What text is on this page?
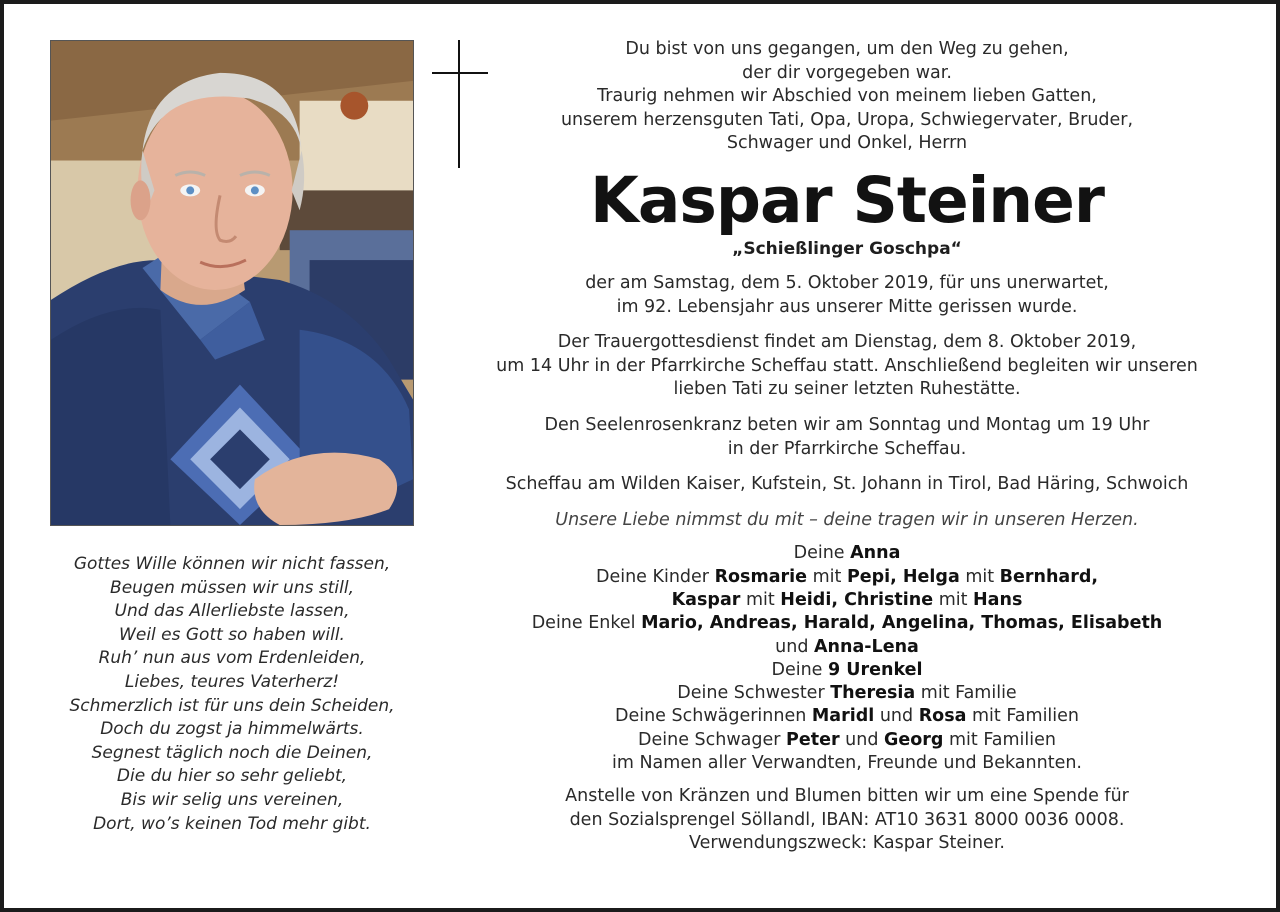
Gottes Wille können wir nicht fassen,
Beugen müssen wir uns still,
Und das Allerliebste lassen,
Weil es Gott so haben will.
Ruh’ nun aus vom Erdenleiden,
Liebes, teures Vaterherz!
Schmerzlich ist für uns dein Scheiden,
Doch du zogst ja himmelwärts.
Segnest täglich noch die Deinen,
Die du hier so sehr geliebt,
Bis wir selig uns vereinen,
Dort, wo’s keinen Tod mehr gibt.
Du bist von uns gegangen, um den Weg zu gehen,
der dir vorgegeben war.
Traurig nehmen wir Abschied von meinem lieben Gatten,
unserem herzensguten Tati, Opa, Uropa, Schwiegervater, Bruder,
Schwager und Onkel, Herrn
Kaspar Steiner
„Schießlinger Goschpa“
der am Samstag, dem 5. Oktober 2019, für uns unerwartet,
im 92. Lebensjahr aus unserer Mitte gerissen wurde.
Der Trauergottesdienst findet am Dienstag, dem 8. Oktober 2019,
um 14 Uhr in der Pfarrkirche Scheffau statt. Anschließend begleiten wir unseren
lieben Tati zu seiner letzten Ruhestätte.
Den Seelenrosenkranz beten wir am Sonntag und Montag um 19 Uhr
in der Pfarrkirche Scheffau.
Scheffau am Wilden Kaiser, Kufstein, St. Johann in Tirol, Bad Häring, Schwoich
Unsere Liebe nimmst du mit – deine tragen wir in unseren Herzen.
Deine Anna
Deine Kinder Rosmarie mit Pepi, Helga mit Bernhard,
Kaspar mit Heidi, Christine mit Hans
Deine Enkel Mario, Andreas, Harald, Angelina, Thomas, Elisabeth
und Anna-Lena
Deine 9 Urenkel
Deine Schwester Theresia mit Familie
Deine Schwägerinnen Maridl und Rosa mit Familien
Deine Schwager Peter und Georg mit Familien
im Namen aller Verwandten, Freunde und Bekannten.
Anstelle von Kränzen und Blumen bitten wir um eine Spende für
den Sozialsprengel Söllandl, IBAN: AT10 3631 8000 0036 0008.
Verwendungszweck: Kaspar Steiner.
